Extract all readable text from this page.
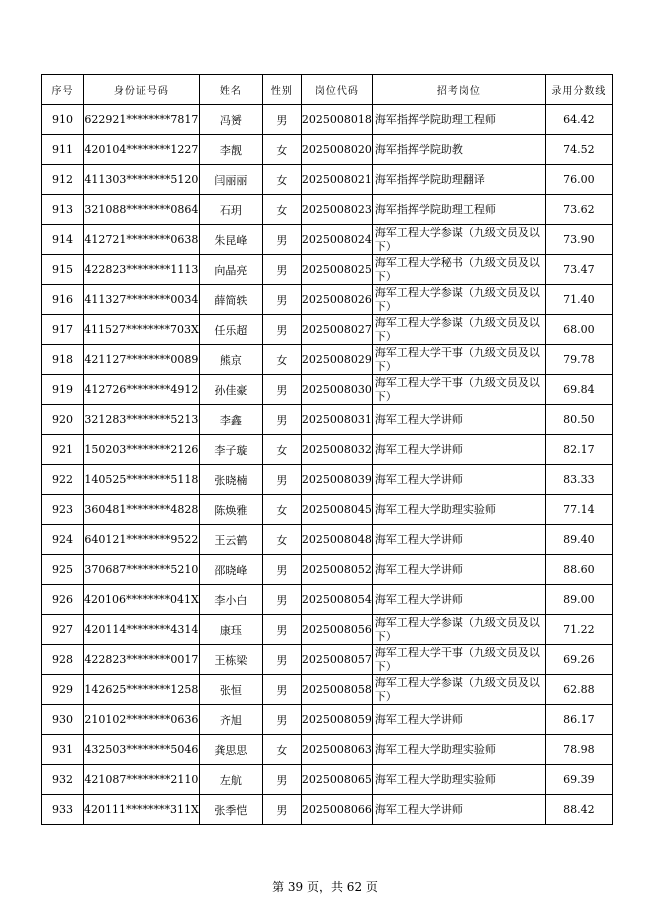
序号	身份证号码	姓名	性别	岗位代码	招考岗位	录用分数线
910	622921********7817	冯赟	男	2025008018	海军指挥学院助理工程师	64.42
911	420104********1227	李靓	女	2025008020	海军指挥学院助教	74.52
912	411303********5120	闫丽丽	女	2025008021	海军指挥学院助理翻译	76.00
913	321088********0864	石玥	女	2025008023	海军指挥学院助理工程师	73.62
914	412721********0638	朱昆峰	男	2025008024	海军工程大学参谋（九级文员及以下）	73.90
915	422823********1113	向晶亮	男	2025008025	海军工程大学秘书（九级文员及以下）	73.47
916	411327********0034	薛简轶	男	2025008026	海军工程大学参谋（九级文员及以下）	71.40
917	411527********703X	任乐超	男	2025008027	海军工程大学参谋（九级文员及以下）	68.00
918	421127********0089	熊京	女	2025008029	海军工程大学干事（九级文员及以下）	79.78
919	412726********4912	孙佳豪	男	2025008030	海军工程大学干事（九级文员及以下）	69.84
920	321283********5213	李鑫	男	2025008031	海军工程大学讲师	80.50
921	150203********2126	李子璇	女	2025008032	海军工程大学讲师	82.17
922	140525********5118	张晓楠	男	2025008039	海军工程大学讲师	83.33
923	360481********4828	陈焕雅	女	2025008045	海军工程大学助理实验师	77.14
924	640121********9522	王云鹤	女	2025008048	海军工程大学讲师	89.40
925	370687********5210	邵晓峰	男	2025008052	海军工程大学讲师	88.60
926	420106********041X	李小白	男	2025008054	海军工程大学讲师	89.00
927	420114********4314	康珏	男	2025008056	海军工程大学参谋（九级文员及以下）	71.22
928	422823********0017	王栋梁	男	2025008057	海军工程大学干事（九级文员及以下）	69.26
929	142625********1258	张恒	男	2025008058	海军工程大学参谋（九级文员及以下）	62.88
930	210102********0636	齐旭	男	2025008059	海军工程大学讲师	86.17
931	432503********5046	龚思思	女	2025008063	海军工程大学助理实验师	78.98
932	421087********2110	左航	男	2025008065	海军工程大学助理实验师	69.39
933	420111********311X	张季恺	男	2025008066	海军工程大学讲师	88.42
第 39 页，共 62 页
